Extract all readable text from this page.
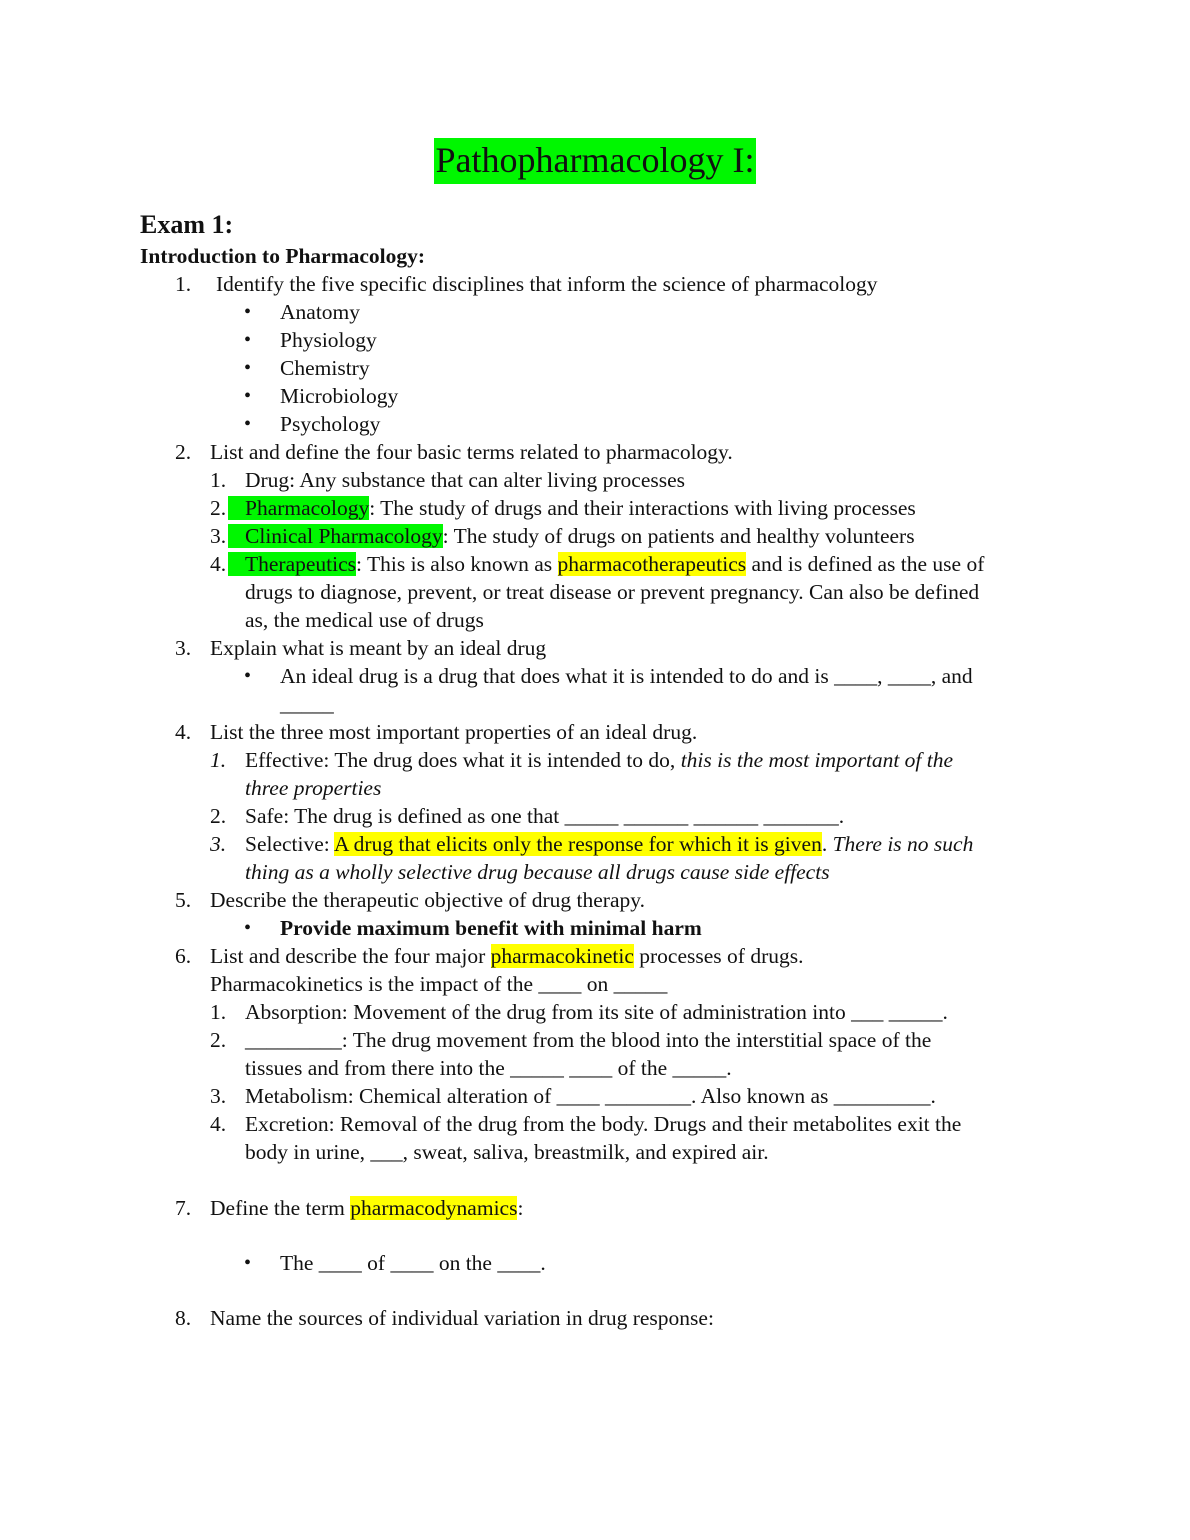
Pathopharmacology I:
Exam 1:
Introduction to Pharmacology:
1. Identify the five specific disciplines that inform the science of pharmacology
• Anatomy
• Physiology
• Chemistry
• Microbiology
• Psychology
2. List and define the four basic terms related to pharmacology.
1. Drug: Any substance that can alter living processes
2. Pharmacology: The study of drugs and their interactions with living processes
3. Clinical Pharmacology: The study of drugs on patients and healthy volunteers
4. Therapeutics: This is also known as pharmacotherapeutics and is defined as the use of
drugs to diagnose, prevent, or treat disease or prevent pregnancy. Can also be defined
as, the medical use of drugs
3. Explain what is meant by an ideal drug
• An ideal drug is a drug that does what it is intended to do and is ____, ____, and
_____
4. List the three most important properties of an ideal drug.
1. Effective: The drug does what it is intended to do, this is the most important of the
three properties
2. Safe: The drug is defined as one that _____ ______ ______ _______.
3. Selective: A drug that elicits only the response for which it is given. There is no such
thing as a wholly selective drug because all drugs cause side effects
5. Describe the therapeutic objective of drug therapy.
• Provide maximum benefit with minimal harm
6. List and describe the four major pharmacokinetic processes of drugs.
Pharmacokinetics is the impact of the ____ on _____
1. Absorption: Movement of the drug from its site of administration into ___ _____.
2. _________: The drug movement from the blood into the interstitial space of the
tissues and from there into the _____ ____ of the _____.
3. Metabolism: Chemical alteration of ____ ________. Also known as _________.
4. Excretion: Removal of the drug from the body. Drugs and their metabolites exit the
body in urine, ___, sweat, saliva, breastmilk, and expired air.
7. Define the term pharmacodynamics:
• The ____ of ____ on the ____.
8. Name the sources of individual variation in drug response:
